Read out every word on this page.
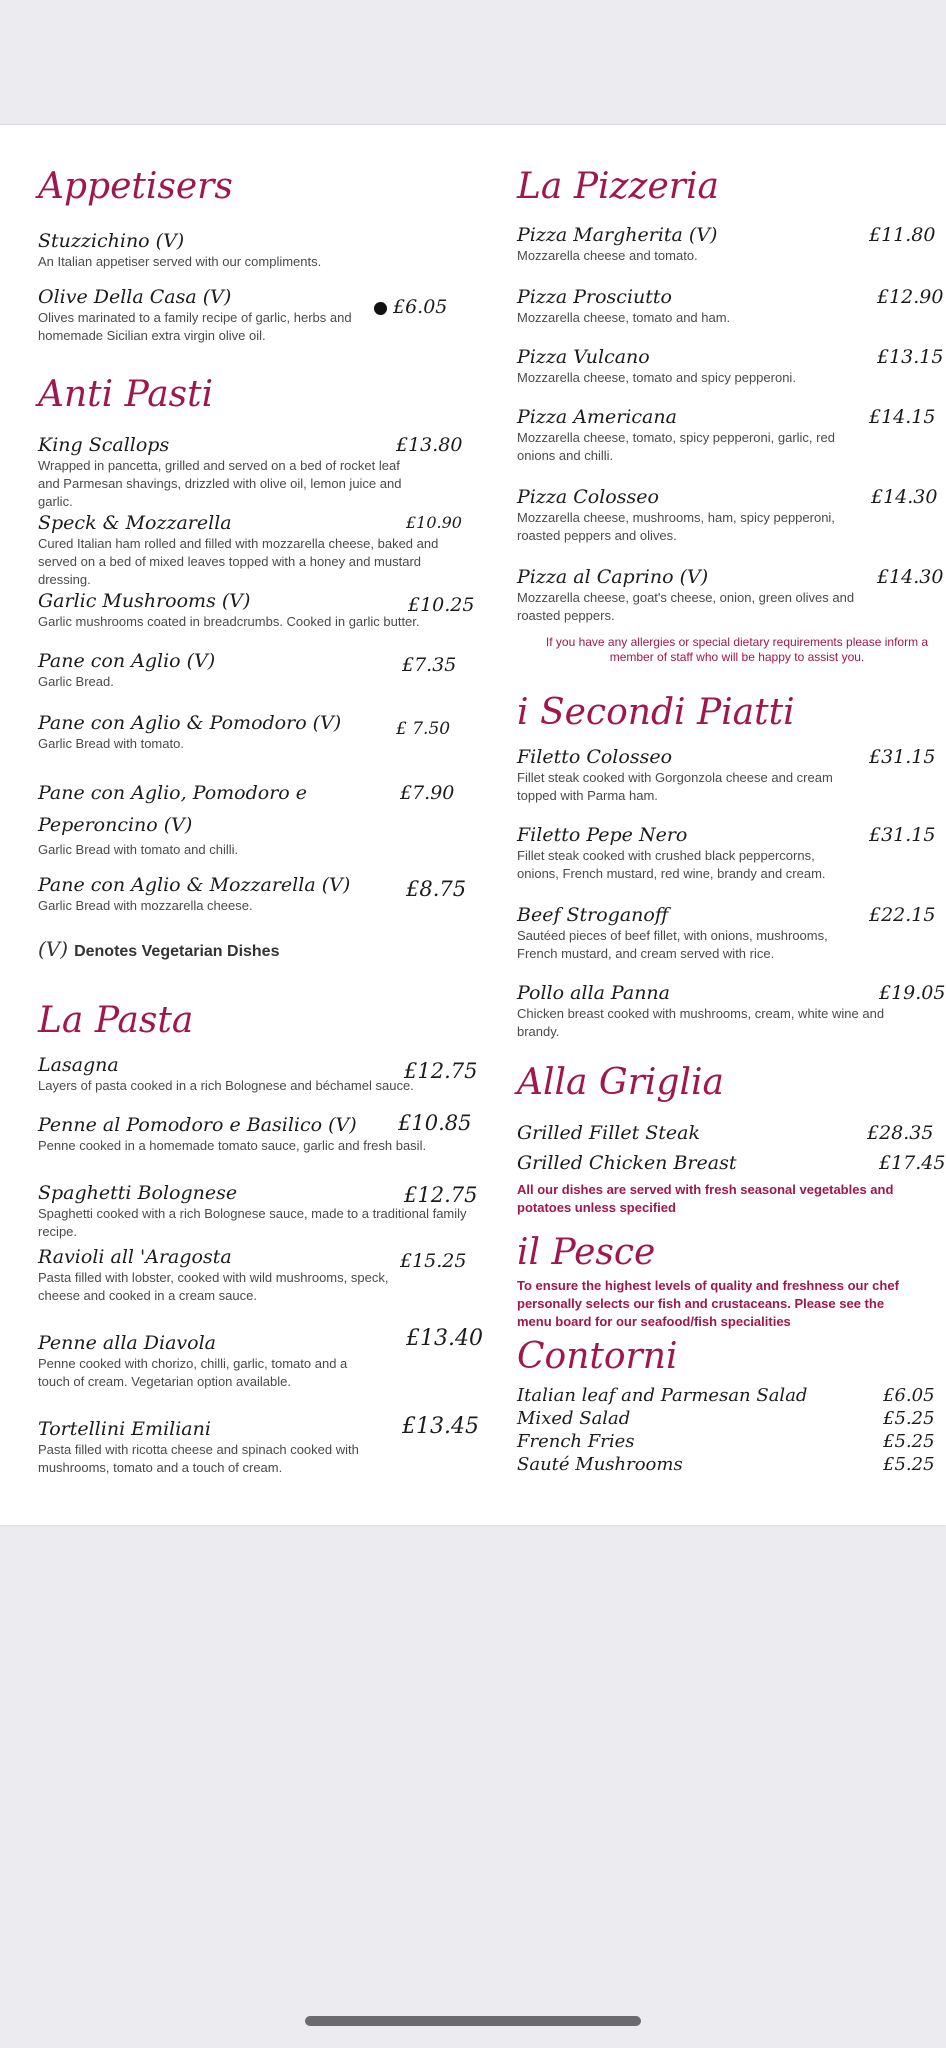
Appetisers
Stuzzichino (V)
An Italian appetiser served with our compliments.
Olive Della Casa (V)
Olives marinated to a family recipe of garlic, herbs and homemade Sicilian extra virgin olive oil.
£6.05
Anti Pasti
King Scallops
Wrapped in pancetta, grilled and served on a bed of rocket leaf and Parmesan shavings, drizzled with olive oil, lemon juice and garlic.
£13.80
Speck & Mozzarella
Cured Italian ham rolled and filled with mozzarella cheese, baked and served on a bed of mixed leaves topped with a honey and mustard dressing.
£10.90
Garlic Mushrooms (V)
Garlic mushrooms coated in breadcrumbs. Cooked in garlic butter.
£10.25
Pane con Aglio (V)
Garlic Bread.
£7.35
Pane con Aglio & Pomodoro (V)
Garlic Bread with tomato.
£ 7.50
Pane con Aglio, Pomodoro e Peperoncino (V)
Garlic Bread with tomato and chilli.
£7.90
Pane con Aglio & Mozzarella (V)
Garlic Bread with mozzarella cheese.
£8.75
(V) Denotes Vegetarian Dishes
La Pasta
Lasagna
Layers of pasta cooked in a rich Bolognese and béchamel sauce.
£12.75
Penne al Pomodoro e Basilico (V)
Penne cooked in a homemade tomato sauce, garlic and fresh basil.
£10.85
Spaghetti Bolognese
Spaghetti cooked with a rich Bolognese sauce, made to a traditional family recipe.
£12.75
Ravioli all 'Aragosta
Pasta filled with lobster, cooked with wild mushrooms, speck, cheese and cooked in a cream sauce.
£15.25
Penne alla Diavola
Penne cooked with chorizo, chilli, garlic, tomato and a touch of cream. Vegetarian option available.
£13.40
Tortellini Emiliani
Pasta filled with ricotta cheese and spinach cooked with mushrooms, tomato and a touch of cream.
£13.45
La Pizzeria
Pizza Margherita (V)
Mozzarella cheese and tomato.
£11.80
Pizza Prosciutto
Mozzarella cheese, tomato and ham.
£12.90
Pizza Vulcano
Mozzarella cheese, tomato and spicy pepperoni.
£13.15
Pizza Americana
Mozzarella cheese, tomato, spicy pepperoni, garlic, red onions and chilli.
£14.15
Pizza Colosseo
Mozzarella cheese, mushrooms, ham, spicy pepperoni, roasted peppers and olives.
£14.30
Pizza al Caprino (V)
Mozzarella cheese, goat's cheese, onion, green olives and roasted peppers.
£14.30
If you have any allergies or special dietary requirements please inform a member of staff who will be happy to assist you.
i Secondi Piatti
Filetto Colosseo
Fillet steak cooked with Gorgonzola cheese and cream topped with Parma ham.
£31.15
Filetto Pepe Nero
Fillet steak cooked with crushed black peppercorns, onions, French mustard, red wine, brandy and cream.
£31.15
Beef Stroganoff
Sautéed pieces of beef fillet, with onions, mushrooms, French mustard, and cream served with rice.
£22.15
Pollo alla Panna
Chicken breast cooked with mushrooms, cream, white wine and brandy.
£19.05
Alla Griglia
Grilled Fillet Steak	£28.35
Grilled Chicken Breast	£17.45
All our dishes are served with fresh seasonal vegetables and potatoes unless specified
il Pesce
To ensure the highest levels of quality and freshness our chef personally selects our fish and crustaceans. Please see the menu board for our seafood/fish specialities
Contorni
Italian leaf and Parmesan Salad	£6.05
Mixed Salad	£5.25
French Fries	£5.25
Sauté Mushrooms	£5.25
